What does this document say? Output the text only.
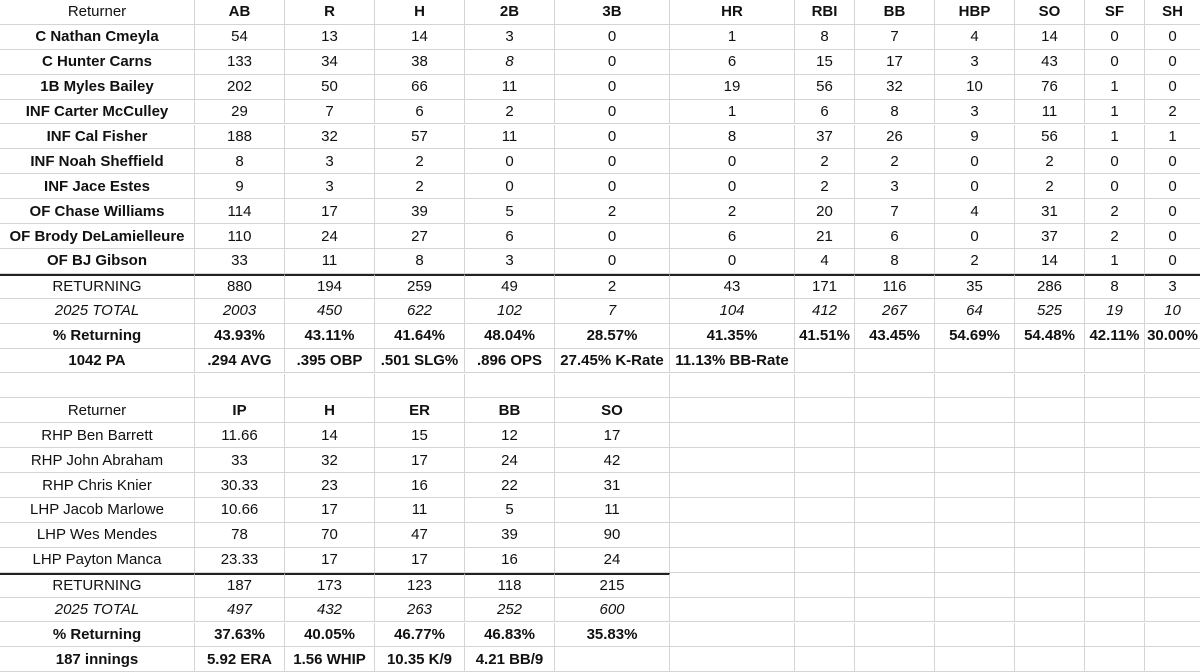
Returner	AB	R	H	2B	3B	HR	RBI	BB	HBP	SO	SF	SH
C Nathan Cmeyla	54	13	14	3	0	1	8	7	4	14	0	0
C Hunter Carns	133	34	38	8	0	6	15	17	3	43	0	0
1B Myles Bailey	202	50	66	11	0	19	56	32	10	76	1	0
INF Carter McCulley	29	7	6	2	0	1	6	8	3	11	1	2
INF Cal Fisher	188	32	57	11	0	8	37	26	9	56	1	1
INF Noah Sheffield	8	3	2	0	0	0	2	2	0	2	0	0
INF Jace Estes	9	3	2	0	0	0	2	3	0	2	0	0
OF Chase Williams	114	17	39	5	2	2	20	7	4	31	2	0
OF Brody DeLamielleure	110	24	27	6	0	6	21	6	0	37	2	0
OF BJ Gibson	33	11	8	3	0	0	4	8	2	14	1	0
RETURNING	880	194	259	49	2	43	171	116	35	286	8	3
2025 TOTAL	2003	450	622	102	7	104	412	267	64	525	19	10
% Returning	43.93%	43.11%	41.64%	48.04%	28.57%	41.35%	41.51%	43.45%	54.69%	54.48% 42.11% 30.00%
1042 PA	.294 AVG	.395 OBP	.501 SLG%	.896 OPS	27.45% K-Rate 11.13% BB-Rate
Returner	IP	H	ER	BB	SO
RHP Ben Barrett	11.66	14	15	12	17
RHP John Abraham	33	32	17	24	42
RHP Chris Knier	30.33	23	16	22	31
LHP Jacob Marlowe	10.66	17	11	5	11
LHP Wes Mendes	78	70	47	39	90
LHP Payton Manca	23.33	17	17	16	24
RETURNING	187	173	123	118	215
2025 TOTAL	497	432	263	252	600
% Returning	37.63%	40.05%	46.77%	46.83%	35.83%
187 innings	5.92 ERA	1.56 WHIP	10.35 K/9	4.21 BB/9
